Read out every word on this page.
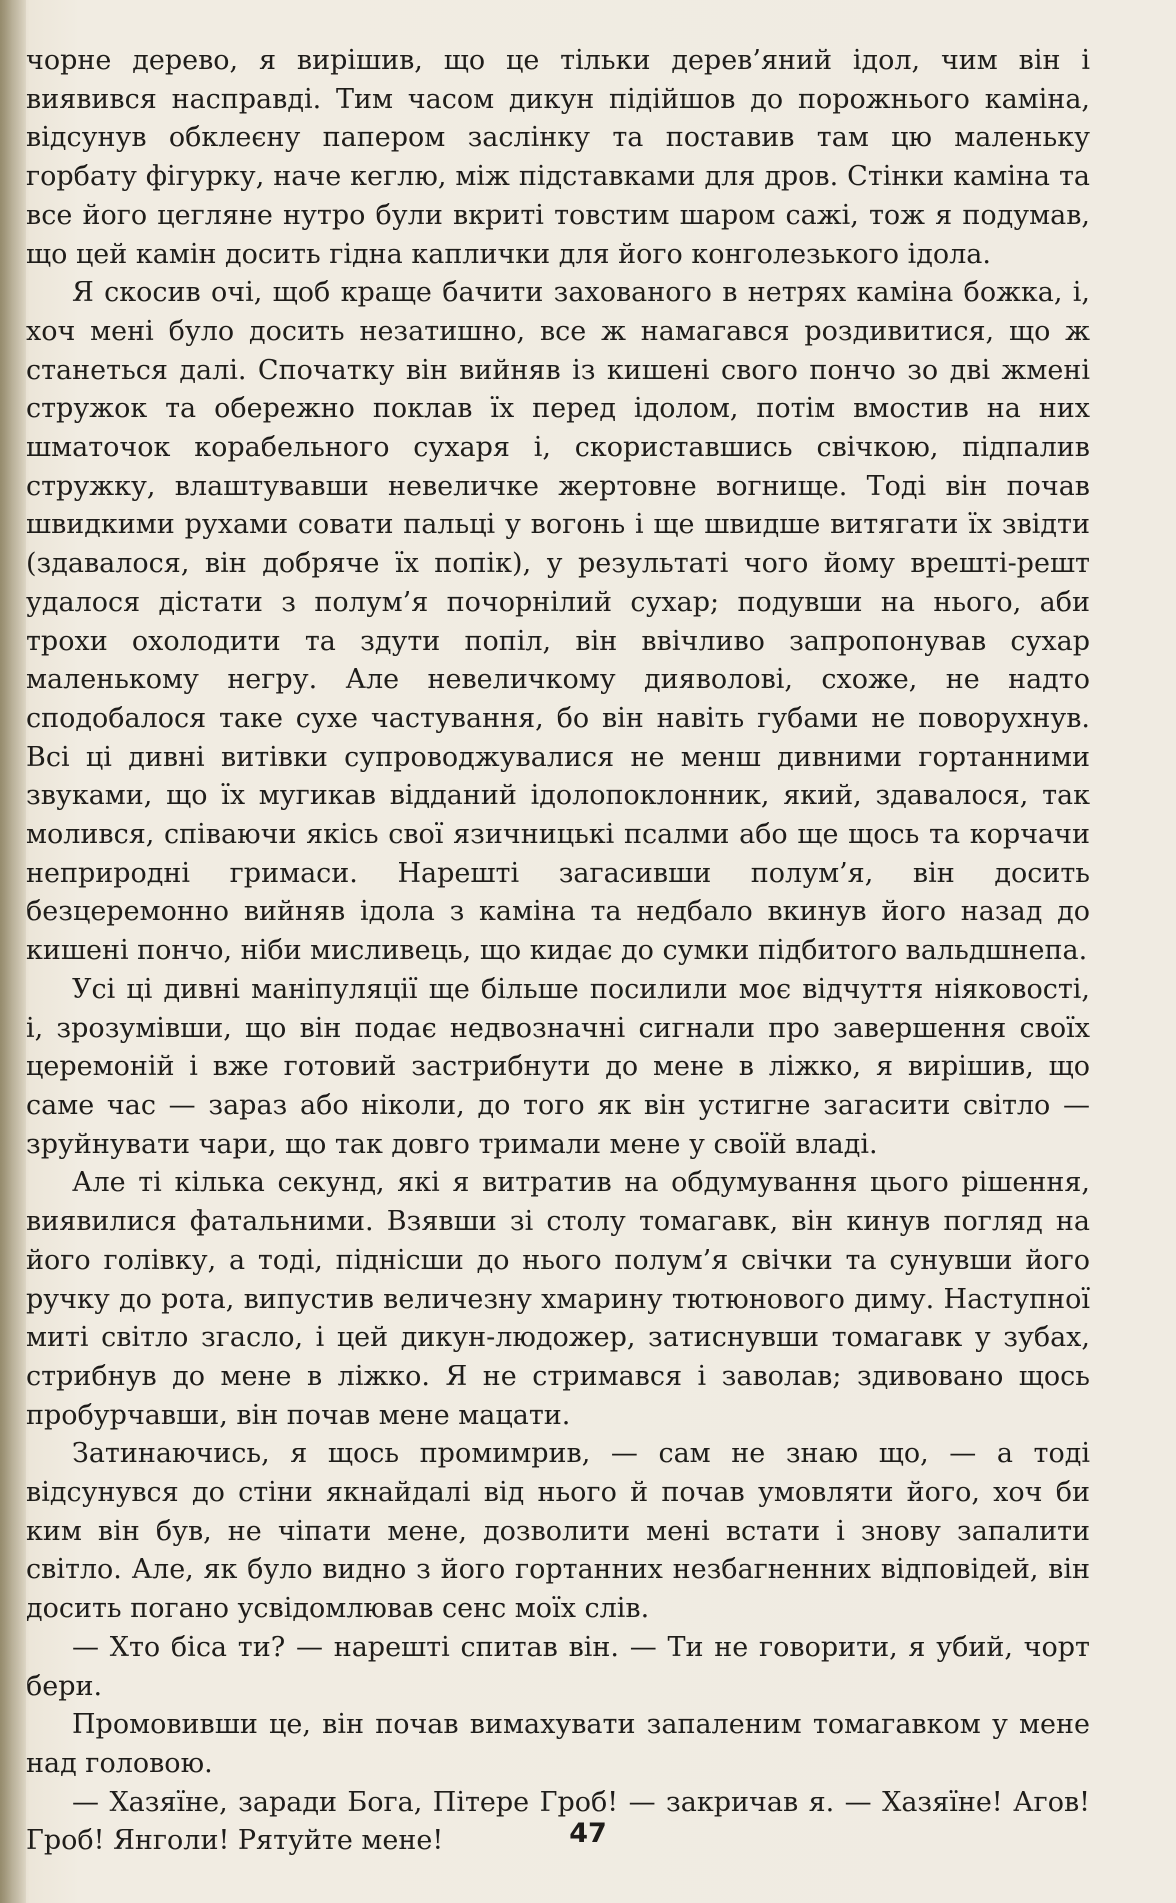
чорне дерево, я вирішив, що це тільки дерев’яний ідол, чим він і виявився насправді. Тим часом дикун підійшов до порожнього каміна, відсунув обклеєну папером заслінку та поставив там цю маленьку горбату фігурку, наче кеглю, між підставками для дров. Стінки каміна та все його цегляне нутро були вкриті товстим шаром сажі, тож я подумав, що цей камін досить гідна каплички для його конголезького ідола.

Я скосив очі, щоб краще бачити захованого в нетрях каміна божка, і, хоч мені було досить незатишно, все ж намагався роздивитися, що ж станеться далі. Спочатку він вийняв із кишені свого пончо зо дві жмені стружок та обережно поклав їх перед ідолом, потім вмостив на них шматочок корабельного сухаря і, скориставшись свічкою, підпалив стружку, влаштувавши невеличке жертовне вогнище. Тоді він почав швидкими рухами совати пальці у вогонь і ще швидше витягати їх звідти (здавалося, він добряче їх попік), у результаті чого йому врешті-решт удалося дістати з полум’я почорнілий сухар; подувши на нього, аби трохи охолодити та здути попіл, він ввічливо запропонував сухар маленькому негру. Але невеличкому дияволові, схоже, не надто сподобалося таке сухе частування, бо він навіть губами не поворухнув. Всі ці дивні витівки супроводжувалися не менш дивними гортанними звуками, що їх мугикав відданий ідолопоклонник, який, здавалося, так молився, співаючи якісь свої язичницькі псалми або ще щось та корчачи неприродні гримаси. Нарешті загасивши полум’я, він досить безцеремонно вийняв ідола з каміна та недбало вкинув його назад до кишені пончо, ніби мисливець, що кидає до сумки підбитого вальдшнепа.

Усі ці дивні маніпуляції ще більше посилили моє відчуття ніяковості, і, зрозумівши, що він подає недвозначні сигнали про завершення своїх церемоній і вже готовий застрибнути до мене в ліжко, я вирішив, що саме час — зараз або ніколи, до того як він устигне загасити світло — зруйнувати чари, що так довго тримали мене у своїй владі.

Але ті кілька секунд, які я витратив на обдумування цього рішення, виявилися фатальними. Взявши зі столу томагавк, він кинув погляд на його голівку, а тоді, піднісши до нього полум’я свічки та сунувши його ручку до рота, випустив величезну хмарину тютюнового диму. Наступної миті світло згасло, і цей дикун-людожер, затиснувши томагавк у зубах, стрибнув до мене в ліжко. Я не стримався і заволав; здивовано щось пробурчавши, він почав мене мацати.

Затинаючись, я щось промимрив, — сам не знаю що, — а тоді відсунувся до стіни якнайдалі від нього й почав умовляти його, хоч би ким він був, не чіпати мене, дозволити мені встати і знову запалити світло. Але, як було видно з його гортанних незбагненних відповідей, він досить погано усвідомлював сенс моїх слів.

— Хто біса ти? — нарешті спитав він. — Ти не говорити, я убий, чорт бери.

Промовивши це, він почав вимахувати запаленим томагавком у мене над головою.

— Хазяїне, заради Бога, Пітере Гроб! — закричав я. — Хазяїне! Агов! Гроб! Янголи! Рятуйте мене!	47
